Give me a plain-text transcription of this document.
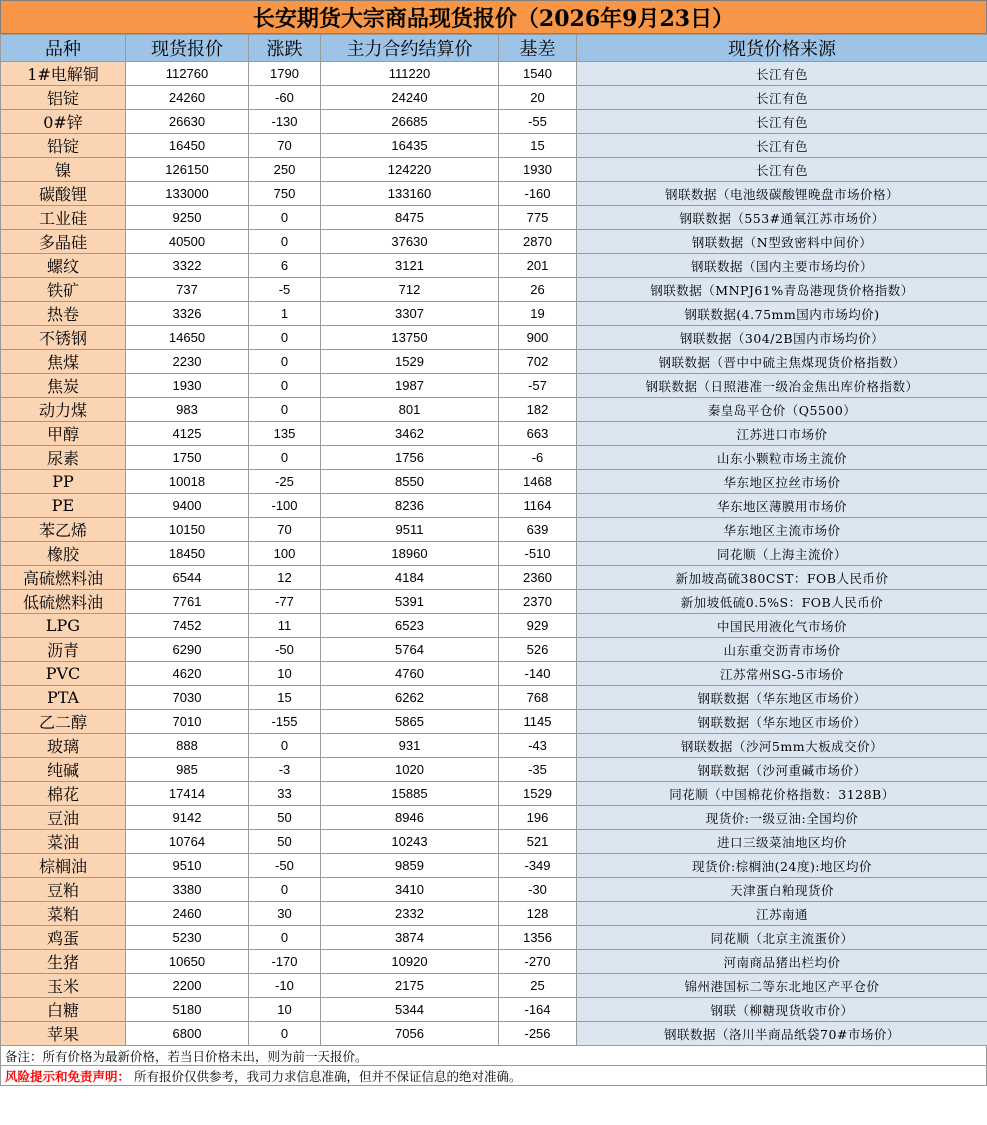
长安期货大宗商品现货报价（2026年9月23日）
品种	现货报价	涨跌	主力合约结算价	基差	现货价格来源
1#电解铜	112760	1790	111220	1540	长江有色
铝锭	24260	-60	24240	20	长江有色
0#锌	26630	-130	26685	-55	长江有色
铅锭	16450	70	16435	15	长江有色
镍	126150	250	124220	1930	长江有色
碳酸锂	133000	750	133160	-160	钢联数据（电池级碳酸锂晚盘市场价格）
工业硅	9250	0	8475	775	钢联数据（553#通氧江苏市场价）
多晶硅	40500	0	37630	2870	钢联数据（N型致密料中间价）
螺纹	3322	6	3121	201	钢联数据（国内主要市场均价）
铁矿	737	-5	712	26	钢联数据（MNPJ61%青岛港现货价格指数）
热卷	3326	1	3307	19	钢联数据(4.75mm国内市场均价)
不锈钢	14650	0	13750	900	钢联数据（304/2B国内市场均价）
焦煤	2230	0	1529	702	钢联数据（晋中中硫主焦煤现货价格指数）
焦炭	1930	0	1987	-57	钢联数据（日照港准一级冶金焦出库价格指数）
动力煤	983	0	801	182	秦皇岛平仓价（Q5500）
甲醇	4125	135	3462	663	江苏进口市场价
尿素	1750	0	1756	-6	山东小颗粒市场主流价
PP	10018	-25	8550	1468	华东地区拉丝市场价
PE	9400	-100	8236	1164	华东地区薄膜用市场价
苯乙烯	10150	70	9511	639	华东地区主流市场价
橡胶	18450	100	18960	-510	同花顺（上海主流价）
高硫燃料油	6544	12	4184	2360	新加坡高硫380CST：FOB人民币价
低硫燃料油	7761	-77	5391	2370	新加坡低硫0.5%S：FOB人民币价
LPG	7452	11	6523	929	中国民用液化气市场价
沥青	6290	-50	5764	526	山东重交沥青市场价
PVC	4620	10	4760	-140	江苏常州SG-5市场价
PTA	7030	15	6262	768	钢联数据（华东地区市场价）
乙二醇	7010	-155	5865	1145	钢联数据（华东地区市场价）
玻璃	888	0	931	-43	钢联数据（沙河5mm大板成交价）
纯碱	985	-3	1020	-35	钢联数据（沙河重碱市场价）
棉花	17414	33	15885	1529	同花顺（中国棉花价格指数：3128B）
豆油	9142	50	8946	196	现货价:一级豆油:全国均价
菜油	10764	50	10243	521	进口三级菜油地区均价
棕榈油	9510	-50	9859	-349	现货价:棕榈油(24度):地区均价
豆粕	3380	0	3410	-30	天津蛋白粕现货价
菜粕	2460	30	2332	128	江苏南通
鸡蛋	5230	0	3874	1356	同花顺（北京主流蛋价）
生猪	10650	-170	10920	-270	河南商品猪出栏均价
玉米	2200	-10	2175	25	锦州港国标二等东北地区产平仓价
白糖	5180	10	5344	-164	钢联（柳糖现货收市价）
苹果	6800	0	7056	-256	钢联数据（洛川半商品纸袋70#市场价）
备注：所有价格为最新价格，若当日价格未出，则为前一天报价。
风险提示和免责声明： 所有报价仅供参考，我司力求信息准确，但并不保证信息的绝对准确。
